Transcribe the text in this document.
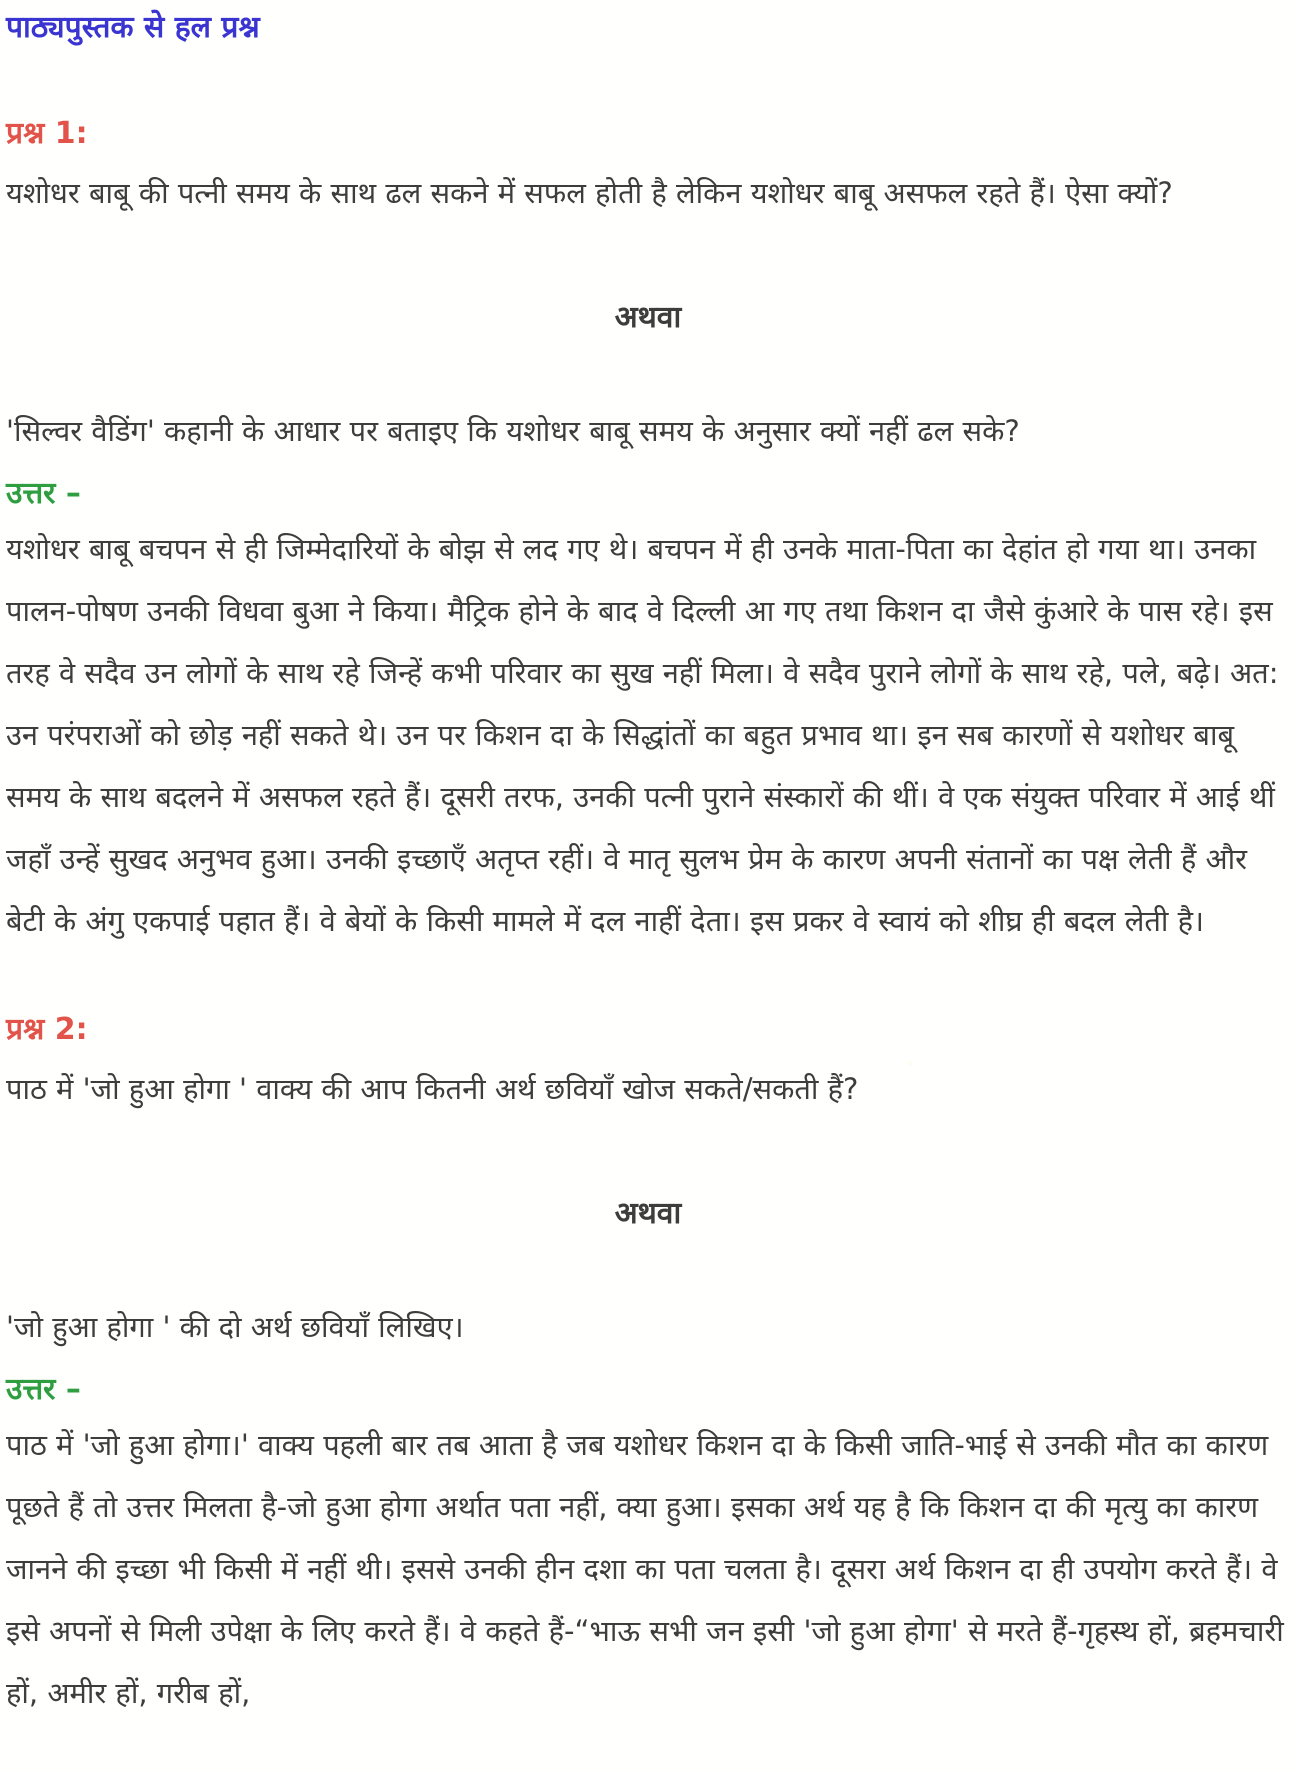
पाठ्यपुस्तक से हल प्रश्न
प्रश्न 1:

यशोधर बाबू की पत्नी समय के साथ ढल सकने में सफल होती है लेकिन यशोधर बाबू असफल रहते हैं। ऐसा क्यों?

अथवा

'सिल्वर वैडिंग' कहानी के आधार पर बताइए कि यशोधर बाबू समय के अनुसार क्यों नहीं ढल सके?

उत्तर –

यशोधर बाबू बचपन से ही जिम्मेदारियों के बोझ से लद गए थे। बचपन में ही उनके माता-पिता का देहांत हो गया था। उनका पालन-पोषण उनकी विधवा बुआ ने किया। मैट्रिक होने के बाद वे दिल्ली आ गए तथा किशन दा जैसे कुंआरे के पास रहे। इस तरह वे सदैव उन लोगों के साथ रहे जिन्हें कभी परिवार का सुख नहीं मिला। वे सदैव पुराने लोगों के साथ रहे, पले, बढ़े। अत: उन परंपराओं को छोड़ नहीं सकते थे। उन पर किशन दा के सिद्धांतों का बहुत प्रभाव था। इन सब कारणों से यशोधर बाबू समय के साथ बदलने में असफल रहते हैं। दूसरी तरफ, उनकी पत्नी पुराने संस्कारों की थीं। वे एक संयुक्त परिवार में आई थीं जहाँ उन्हें सुखद अनुभव हुआ। उनकी इच्छाएँ अतृप्त रहीं। वे मातृ सुलभ प्रेम के कारण अपनी संतानों का पक्ष लेती हैं और बेटी के अंगु एकपाई पहात हैं। वे बेयों के किसी मामले में दल नाहीं देता। इस प्रकर वे स्वायं को शीघ्र ही बदल लेती है।

प्रश्न 2:

पाठ में 'जो हुआ होगा ' वाक्य की आप कितनी अर्थ छवियाँ खोज सकते/सकती हैं?

अथवा

'जो हुआ होगा ' की दो अर्थ छवियाँ लिखिए।

उत्तर –

पाठ में 'जो हुआ होगा।' वाक्य पहली बार तब आता है जब यशोधर किशन दा के किसी जाति-भाई से उनकी मौत का कारण पूछते हैं तो उत्तर मिलता है-जो हुआ होगा अर्थात पता नहीं, क्या हुआ। इसका अर्थ यह है कि किशन दा की मृत्यु का कारण जानने की इच्छा भी किसी में नहीं थी। इससे उनकी हीन दशा का पता चलता है। दूसरा अर्थ किशन दा ही उपयोग करते हैं। वे इसे अपनों से मिली उपेक्षा के लिए करते हैं। वे कहते हैं-“भाऊ सभी जन इसी 'जो हुआ होगा' से मरते हैं-गृहस्थ हों, ब्रहमचारी हों, अमीर हों, गरीब हों,
